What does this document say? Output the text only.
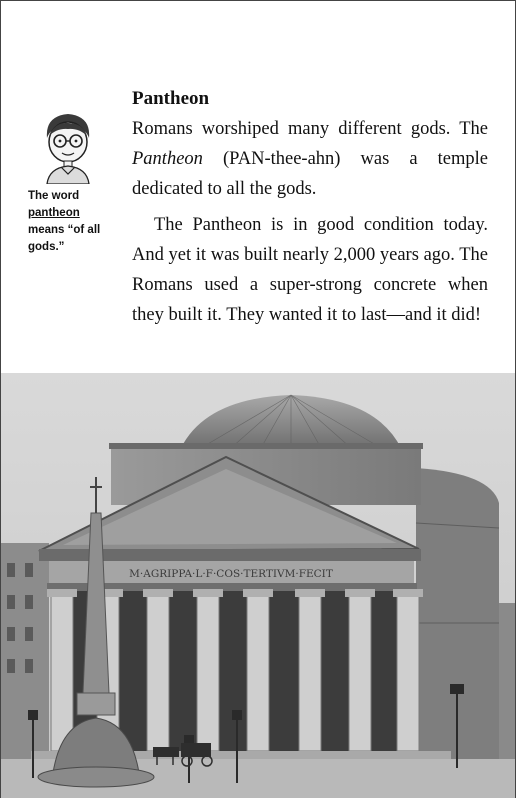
The word
pantheon
means “of all gods.”

Pantheon

Romans worshiped many different gods. The Pantheon (PAN-thee-ahn) was a temple dedicated to all the gods.

The Pantheon is in good condition today. And yet it was built nearly 2,000 years ago. The Romans used a super-strong concrete when they built it. They wanted it to last—and it did!

M·AGRIPPA·L·F·COS·TERTIVM·FECIT
